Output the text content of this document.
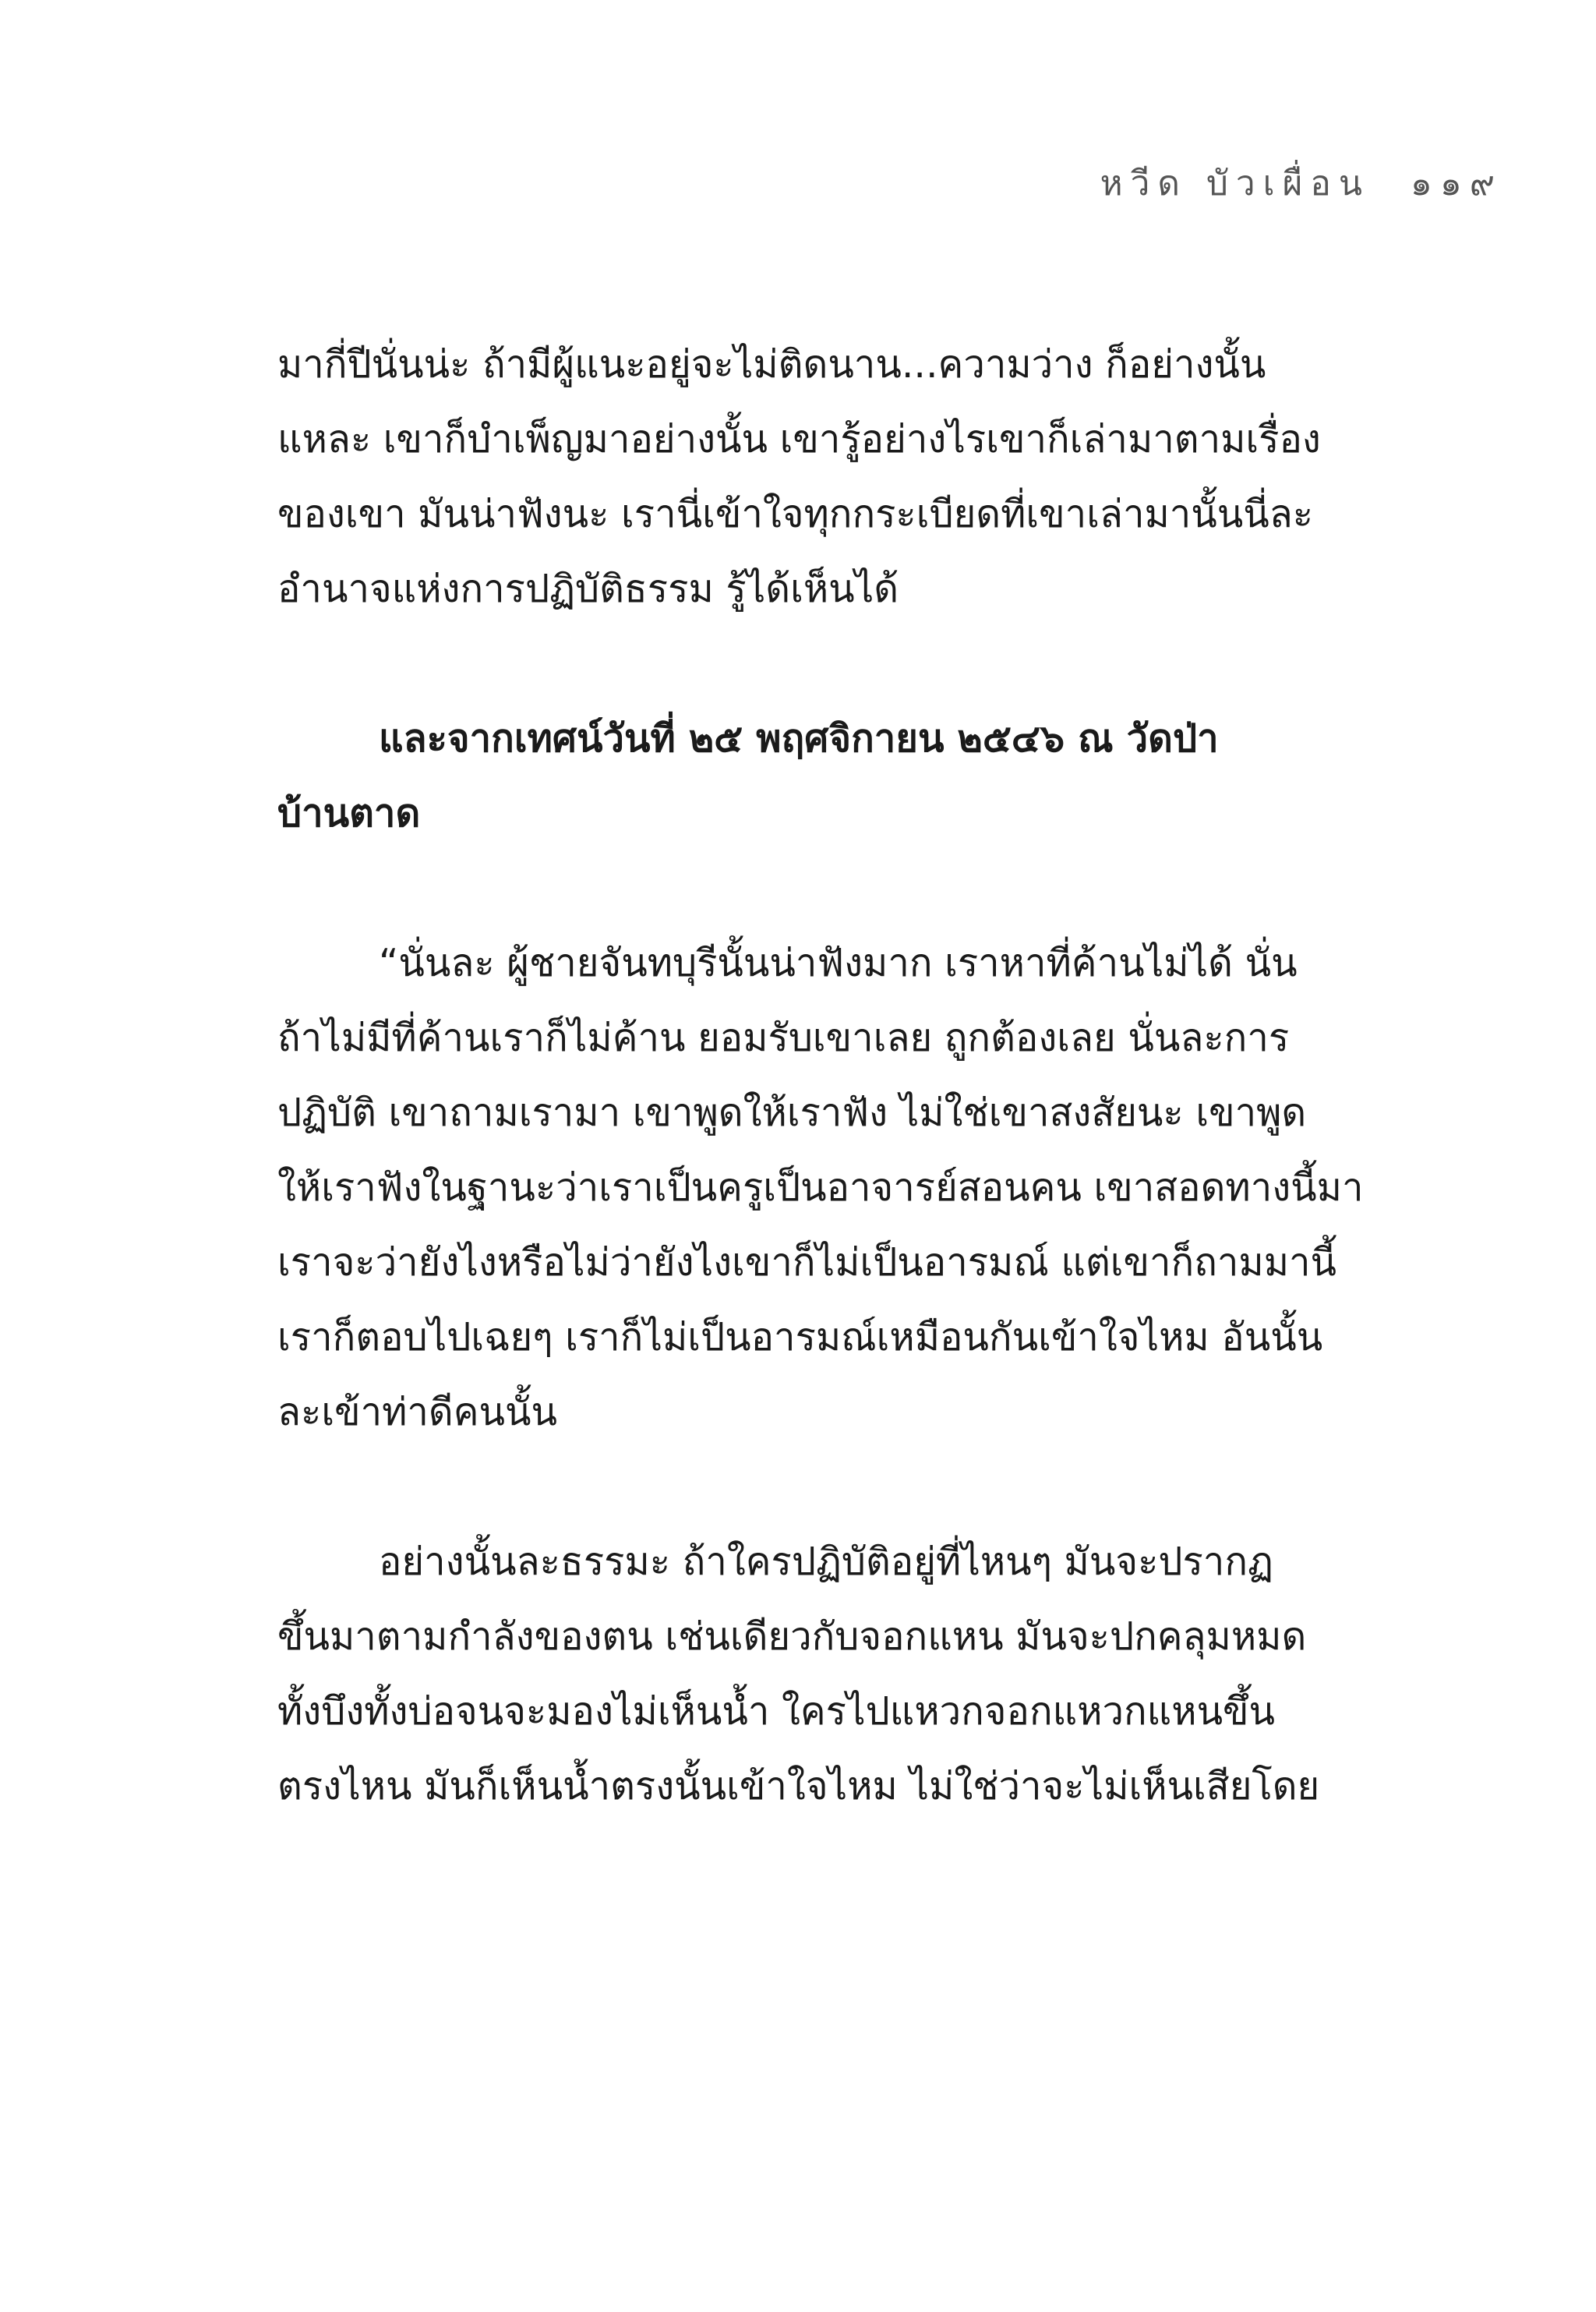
หวีด บัวเผื่อน ๑๑๙

มากี่ปีนั่นน่ะ ถ้ามีผู้แนะอยู่จะไม่ติดนาน...ความว่าง ก็อย่างนั้น
แหละ เขาก็บำเพ็ญมาอย่างนั้น เขารู้อย่างไรเขาก็เล่ามาตามเรื่อง
ของเขา มันน่าฟังนะ เรานี่เข้าใจทุกกระเบียดที่เขาเล่ามานั้นนี่ละ
อำนาจแห่งการปฏิบัติธรรม รู้ได้เห็นได้

และจากเทศน์วันที่ ๒๕ พฤศจิกายน ๒๕๔๖ ณ วัดป่า
บ้านตาด

“นั่นละ ผู้ชายจันทบุรีนั้นน่าฟังมาก เราหาที่ค้านไม่ได้ นั่น
ถ้าไม่มีที่ค้านเราก็ไม่ค้าน ยอมรับเขาเลย ถูกต้องเลย นั่นละการ
ปฏิบัติ เขาถามเรามา เขาพูดให้เราฟัง ไม่ใช่เขาสงสัยนะ เขาพูด
ให้เราฟังในฐานะว่าเราเป็นครูเป็นอาจารย์สอนคน เขาสอดทางนี้มา
เราจะว่ายังไงหรือไม่ว่ายังไงเขาก็ไม่เป็นอารมณ์ แต่เขาก็ถามมานี้
เราก็ตอบไปเฉยๆ เราก็ไม่เป็นอารมณ์เหมือนกันเข้าใจไหม อันนั้น
ละเข้าท่าดีคนนั้น

อย่างนั้นละธรรมะ ถ้าใครปฏิบัติอยู่ที่ไหนๆ มันจะปรากฏ
ขึ้นมาตามกำลังของตน เช่นเดียวกับจอกแหน มันจะปกคลุมหมด
ทั้งบึงทั้งบ่อจนจะมองไม่เห็นน้ำ ใครไปแหวกจอกแหวกแหนขึ้น
ตรงไหน มันก็เห็นน้ำตรงนั้นเข้าใจไหม ไม่ใช่ว่าจะไม่เห็นเสียโดย
